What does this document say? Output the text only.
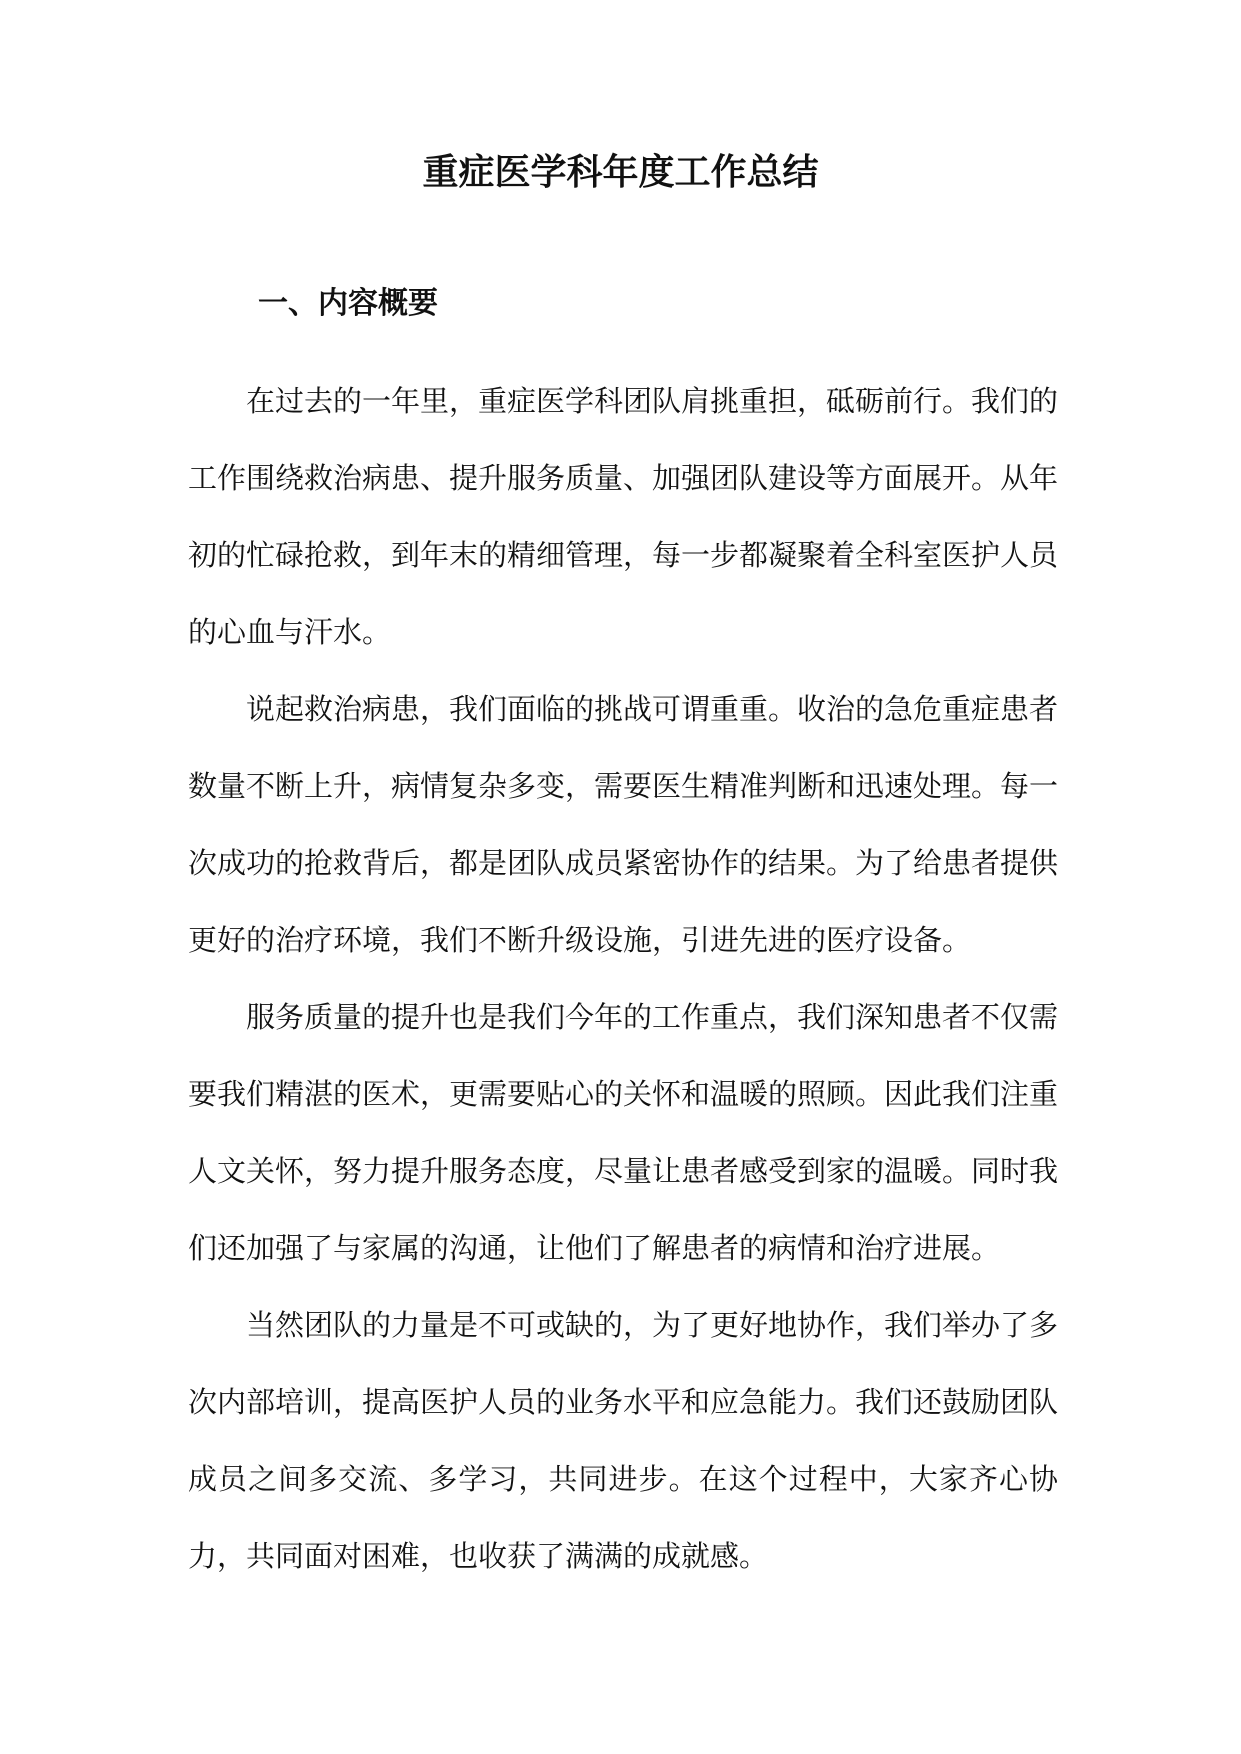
重症医学科年度工作总结
一、内容概要

在过去的一年里，重症医学科团队肩挑重担，砥砺前行。我们的工作围绕救治病患、提升服务质量、加强团队建设等方面展开。从年初的忙碌抢救，到年末的精细管理，每一步都凝聚着全科室医护人员的心血与汗水。

说起救治病患，我们面临的挑战可谓重重。收治的急危重症患者数量不断上升，病情复杂多变，需要医生精准判断和迅速处理。每一次成功的抢救背后，都是团队成员紧密协作的结果。为了给患者提供更好的治疗环境，我们不断升级设施，引进先进的医疗设备。

服务质量的提升也是我们今年的工作重点，我们深知患者不仅需要我们精湛的医术，更需要贴心的关怀和温暖的照顾。因此我们注重人文关怀，努力提升服务态度，尽量让患者感受到家的温暖。同时我们还加强了与家属的沟通，让他们了解患者的病情和治疗进展。

当然团队的力量是不可或缺的，为了更好地协作，我们举办了多次内部培训，提高医护人员的业务水平和应急能力。我们还鼓励团队成员之间多交流、多学习，共同进步。在这个过程中，大家齐心协力，共同面对困难，也收获了满满的成就感。
